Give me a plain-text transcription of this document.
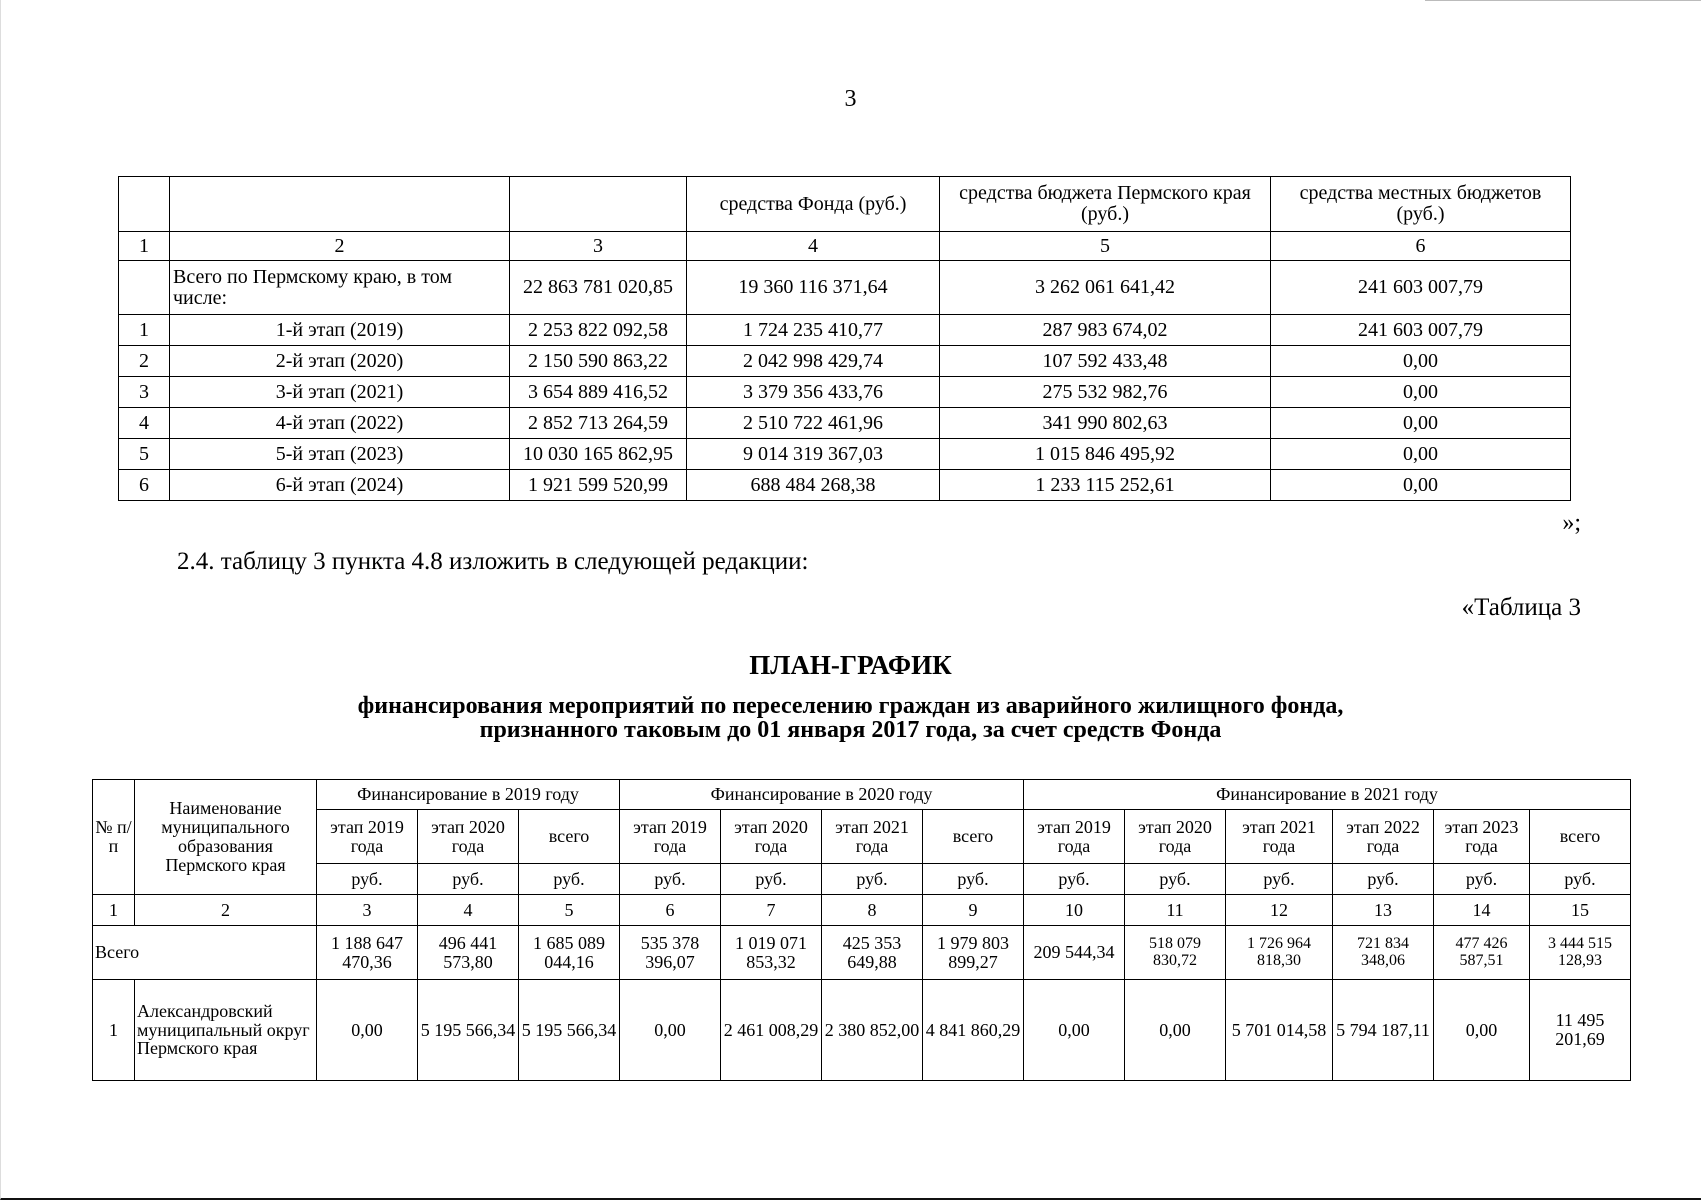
3
			средства Фонда (руб.)	средства бюджета Пермского края (руб.)	средства местных бюджетов (руб.)
1	2	3	4	5	6
	Всего по Пермскому краю, в том числе:	22 863 781 020,85	19 360 116 371,64	3 262 061 641,42	241 603 007,79
1	1-й этап (2019)	2 253 822 092,58	1 724 235 410,77	287 983 674,02	241 603 007,79
2	2-й этап (2020)	2 150 590 863,22	2 042 998 429,74	107 592 433,48	0,00
3	3-й этап (2021)	3 654 889 416,52	3 379 356 433,76	275 532 982,76	0,00
4	4-й этап (2022)	2 852 713 264,59	2 510 722 461,96	341 990 802,63	0,00
5	5-й этап (2023)	10 030 165 862,95	9 014 319 367,03	1 015 846 495,92	0,00
6	6-й этап (2024)	1 921 599 520,99	688 484 268,38	1 233 115 252,61	0,00
»;
2.4. таблицу 3 пункта 4.8 изложить в следующей редакции:
«Таблица 3
ПЛАН-ГРАФИК
финансирования мероприятий по переселению граждан из аварийного жилищного фонда,
признанного таковым до 01 января 2017 года, за счет средств Фонда
№ п/п	Наименование муниципального образования Пермского края	Финансирование в 2019 году			Финансирование в 2020 году				Финансирование в 2021 году					
		этап 2019 года	этап 2020 года	всего	этап 2019 года	этап 2020 года	этап 2021 года	всего	этап 2019 года	этап 2020 года	этап 2021 года	этап 2022 года	этап 2023 года	всего
		руб.	руб.	руб.	руб.	руб.	руб.	руб.	руб.	руб.	руб.	руб.	руб.	руб.
1	2	3	4	5	6	7	8	9	10	11	12	13	14	15
Всего		1 188 647 470,36	496 441 573,80	1 685 089 044,16	535 378 396,07	1 019 071 853,32	425 353 649,88	1 979 803 899,27	209 544,34	518 079 830,72	1 726 964 818,30	721 834 348,06	477 426 587,51	3 444 515 128,93
1	Александровский муниципальный округ Пермского края	0,00	5 195 566,34	5 195 566,34	0,00	2 461 008,29	2 380 852,00	4 841 860,29	0,00	0,00	5 701 014,58	5 794 187,11	0,00	11 495 201,69
